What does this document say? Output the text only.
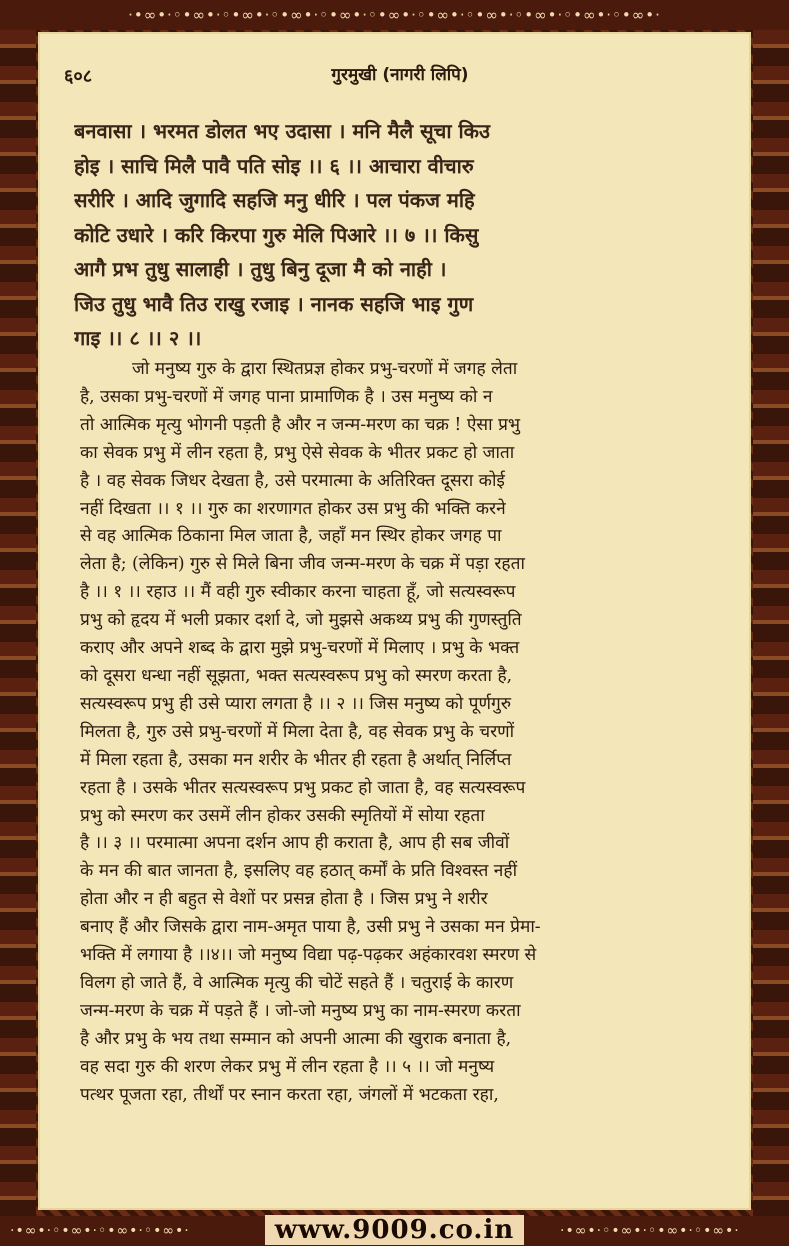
·•∞•·◦•∞•·◦•∞•·◦•∞•·◦•∞•·◦•∞•·◦•∞•·◦•∞•·◦•∞•·◦•∞•·◦•∞•·
·•∞•·◦•∞•·◦•∞•·◦•∞•·	·•∞•·◦•∞•·◦•∞•·◦•∞•·
६०८	गुरमुखी (नागरी लिपि)
बनवासा । भरमत डोलत भए उदासा । मनि मैलै सूचा किउ
होइ । साचि मिलै पावै पति सोइ ।। ६ ।। आचारा वीचारु
सरीरि । आदि जुगादि सहजि मनु धीरि । पल पंकज महि
कोटि उधारे । करि किरपा गुरु मेलि पिआरे ।। ७ ।। किसु
आगै प्रभ तुधु सालाही । तुधु बिनु दूजा मै को नाही ।
जिउ तुधु भावै तिउ राखु रजाइ । नानक सहजि भाइ गुण
गाइ ।। ८ ।। २ ।।
जो मनुष्य गुरु के द्वारा स्थितप्रज्ञ होकर प्रभु-चरणों में जगह लेता
है, उसका प्रभु-चरणों में जगह पाना प्रामाणिक है । उस मनुष्य को न
तो आत्मिक मृत्यु भोगनी पड़ती है और न जन्म-मरण का चक्र ! ऐसा प्रभु
का सेवक प्रभु में लीन रहता है, प्रभु ऐसे सेवक के भीतर प्रकट हो जाता
है । वह सेवक जिधर देखता है, उसे परमात्मा के अतिरिक्त दूसरा कोई
नहीं दिखता ।। १ ।। गुरु का शरणागत होकर उस प्रभु की भक्ति करने
से वह आत्मिक ठिकाना मिल जाता है, जहाँ मन स्थिर होकर जगह पा
लेता है; (लेकिन) गुरु से मिले बिना जीव जन्म-मरण के चक्र में पड़ा रहता
है ।। १ ।। रहाउ ।। मैं वही गुरु स्वीकार करना चाहता हूँ, जो सत्यस्वरूप
प्रभु को हृदय में भली प्रकार दर्शा दे, जो मुझसे अकथ्य प्रभु की गुणस्तुति
कराए और अपने शब्द के द्वारा मुझे प्रभु-चरणों में मिलाए । प्रभु के भक्त
को दूसरा धन्धा नहीं सूझता, भक्त सत्यस्वरूप प्रभु को स्मरण करता है,
सत्यस्वरूप प्रभु ही उसे प्यारा लगता है ।। २ ।। जिस मनुष्य को पूर्णगुरु
मिलता है, गुरु उसे प्रभु-चरणों में मिला देता है, वह सेवक प्रभु के चरणों
में मिला रहता है, उसका मन शरीर के भीतर ही रहता है अर्थात् निर्लिप्त
रहता है । उसके भीतर सत्यस्वरूप प्रभु प्रकट हो जाता है, वह सत्यस्वरूप
प्रभु को स्मरण कर उसमें लीन होकर उसकी स्मृतियों में सोया रहता
है ।। ३ ।। परमात्मा अपना दर्शन आप ही कराता है, आप ही सब जीवों
के मन की बात जानता है, इसलिए वह हठात् कर्मों के प्रति विश्वस्त नहीं
होता और न ही बहुत से वेशों पर प्रसन्न होता है । जिस प्रभु ने शरीर
बनाए हैं और जिसके द्वारा नाम-अमृत पाया है, उसी प्रभु ने उसका मन प्रेमा-
भक्ति में लगाया है ।।४।। जो मनुष्य विद्या पढ़-पढ़कर अहंकारवश स्मरण से
विलग हो जाते हैं, वे आत्मिक मृत्यु की चोटें सहते हैं । चतुराई के कारण
जन्म-मरण के चक्र में पड़ते हैं । जो-जो मनुष्य प्रभु का नाम-स्मरण करता
है और प्रभु के भय तथा सम्मान को अपनी आत्मा की खुराक बनाता है,
वह सदा गुरु की शरण लेकर प्रभु में लीन रहता है ।। ५ ।। जो मनुष्य
पत्थर पूजता रहा, तीर्थों पर स्नान करता रहा, जंगलों में भटकता रहा,
www.9009.co.in
